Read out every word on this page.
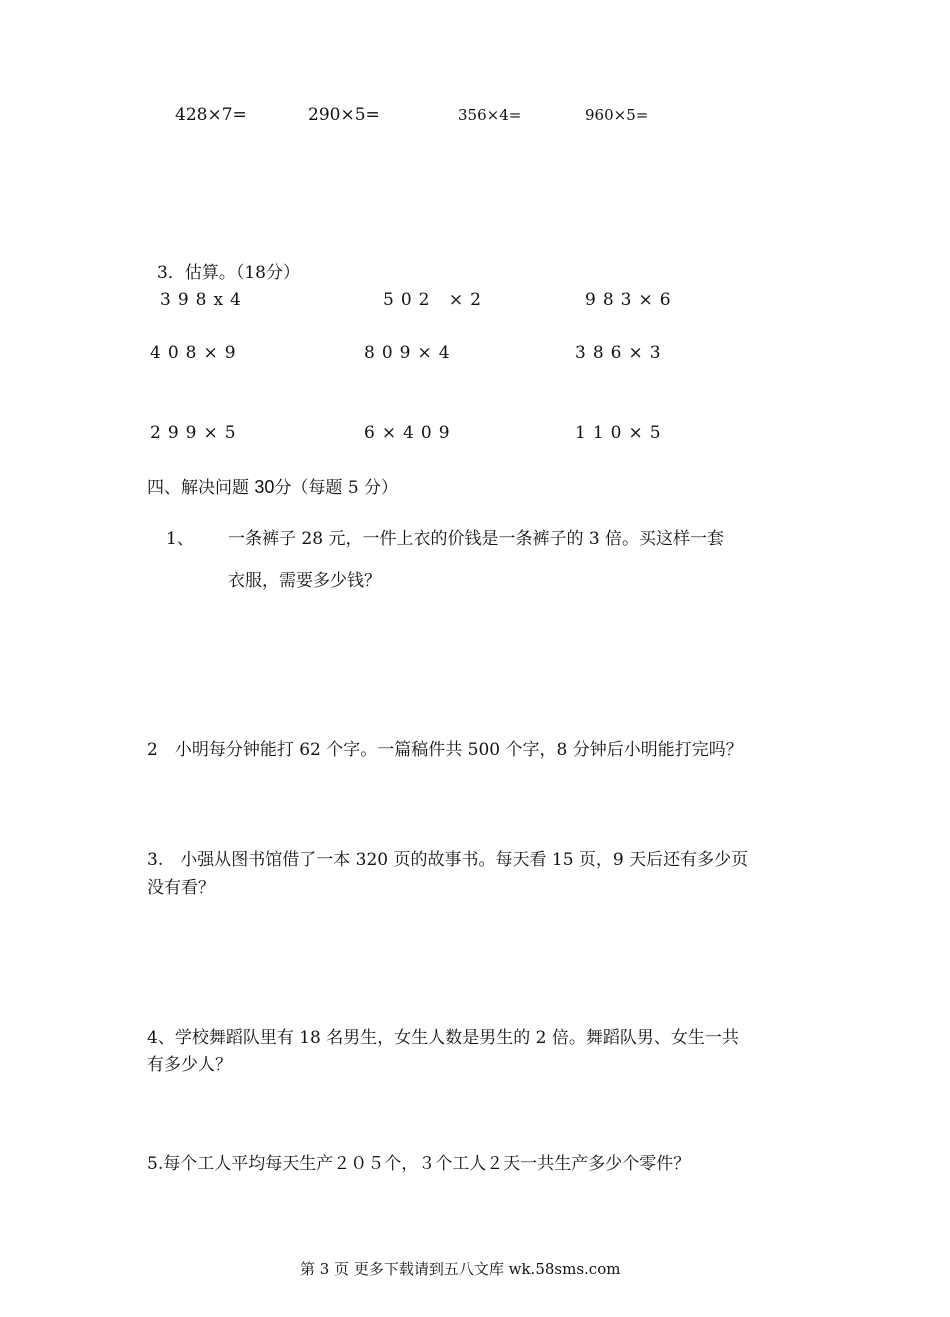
428×7=	290×5=	356×4=	960×5=
3．估算。（18分）
398x4	502 ×2	983×6
408×9	809×4	386×3
299×5	6×409	110×5
四、解决问题 30分（每题 5 分）
1、 一条裤子 28 元，一件上衣的价钱是一条裤子的 3 倍。买这样一套
衣服，需要多少钱？
2　小明每分钟能打 62 个字。一篇稿件共 500 个字，8 分钟后小明能打完吗？
3.　小强从图书馆借了一本 320 页的故事书。每天看 15 页，9 天后还有多少页
没有看？
4、学校舞蹈队里有 18 名男生，女生人数是男生的 2 倍。舞蹈队男、女生一共
有多少人？
5.每个工人平均每天生产２０５个，３个工人２天一共生产多少个零件？
第 3 页 更多下载请到五八文库 wk.58sms.com
